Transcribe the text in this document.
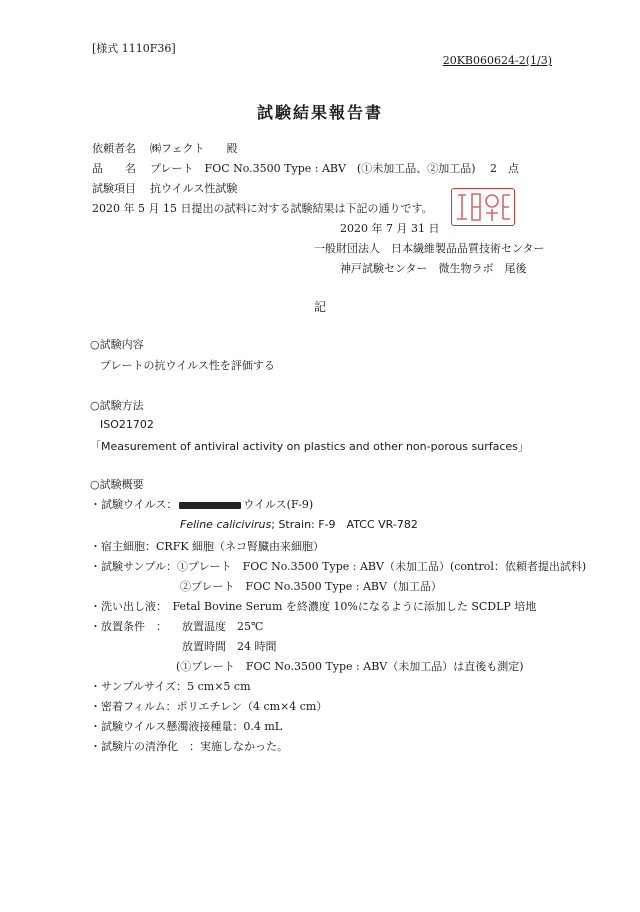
[様式 1110F36]
20KB060624-2(1/3)
試験結果報告書
依頼者名 ㈱フェクト　　殿
品　　名 プレート　FOC No.3500 Type : ABV　(①未加工品、②加工品)　 2　点
試験項目 抗ウイルス性試験
2020 年 5 月 15 日提出の試料に対する試験結果は下記の通りです。
2020 年 7 月 31 日
一般財団法人　日本繊維製品品質技術センター
神戸試験センター　微生物ラボ　尾後
記
○試験内容
プレートの抗ウイルス性を評価する
○試験方法
ISO21702
「Measurement of antiviral activity on plastics and other non-porous surfaces」
○試験概要
・試験ウイルス：	ウイルス(F-9)
Feline calicivirus; Strain: F-9　ATCC VR-782
・宿主細胞：CRFK 細胞（ネコ腎臓由来細胞）
・試験サンプル：①プレート　FOC No.3500 Type : ABV（未加工品）(control：依頼者提出試料)
②プレート　FOC No.3500 Type : ABV（加工品）
・洗い出し液：　Fetal Bovine Serum を終濃度 10%になるように添加した SCDLP 培地
・放置条件　： 放置温度　25℃
放置時間　24 時間
(①プレート　FOC No.3500 Type : ABV（未加工品）は直後も測定)
・サンプルサイズ：5 cm×5 cm
・密着フィルム：ポリエチレン（4 cm×4 cm）
・試験ウイルス懸濁液接種量：0.4 mL
・試験片の清浄化　：実施しなかった。
